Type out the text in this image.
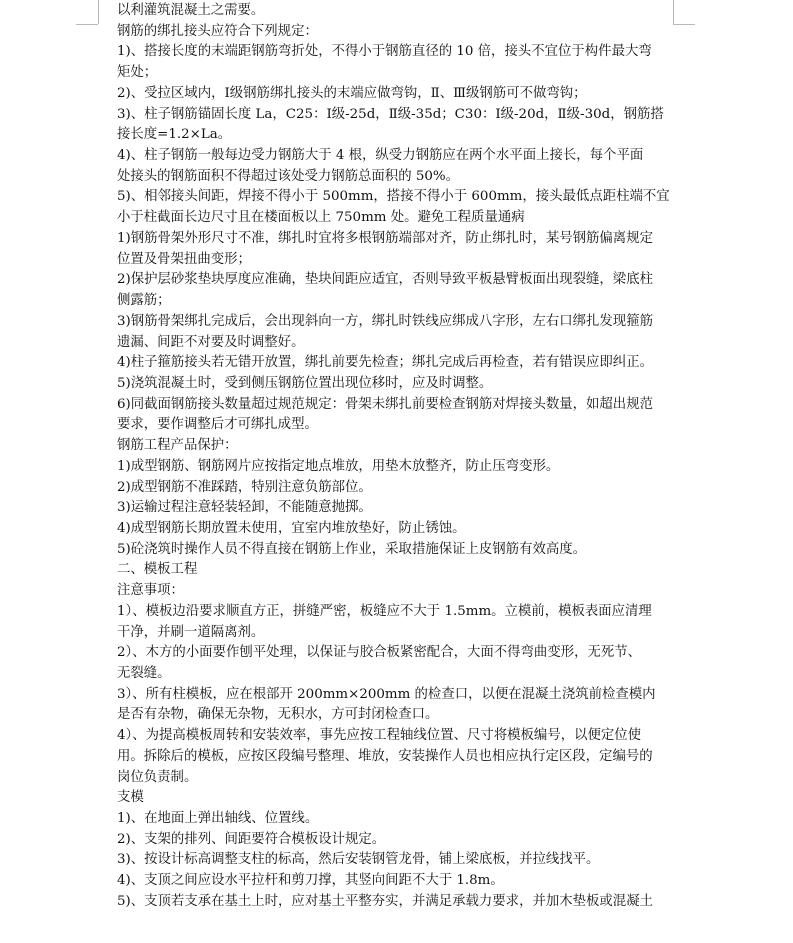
以利灌筑混凝土之需要。
钢筋的绑扎接头应符合下列规定：
1)、搭接长度的末端距钢筋弯折处，不得小于钢筋直径的 10 倍，接头不宜位于构件最大弯
矩处；
2)、受拉区域内，Ⅰ级钢筋绑扎接头的末端应做弯钩，Ⅱ、Ⅲ级钢筋可不做弯钩；
3)、柱子钢筋锚固长度 La，C25：Ⅰ级-25d，Ⅱ级-35d；C30：Ⅰ级-20d，Ⅱ级-30d，钢筋搭
接长度=1.2×La。
4)、柱子钢筋一般每边受力钢筋大于 4 根，纵受力钢筋应在两个水平面上接长，每个平面
处接头的钢筋面积不得超过该处受力钢筋总面积的 50%。
5)、相邻接头间距，焊接不得小于 500mm，搭接不得小于 600mm，接头最低点距柱端不宜
小于柱截面长边尺寸且在楼面板以上 750mm 处。避免工程质量通病
1)钢筋骨架外形尺寸不准，绑扎时宜将多根钢筋端部对齐，防止绑扎时，某号钢筋偏离规定
位置及骨架扭曲变形；
2)保护层砂浆垫块厚度应准确，垫块间距应适宜，否则导致平板悬臂板面出现裂缝，梁底柱
侧露筋；
3)钢筋骨架绑扎完成后，会出现斜向一方，绑扎时铁线应绑成八字形，左右口绑扎发现箍筋
遗漏、间距不对要及时调整好。
4)柱子箍筋接头若无错开放置，绑扎前要先检查；绑扎完成后再检查，若有错误应即纠正。
5)浇筑混凝土时，受到侧压钢筋位置出现位移时，应及时调整。
6)同截面钢筋接头数量超过规范规定：骨架未绑扎前要检查钢筋对焊接头数量，如超出规范
要求，要作调整后才可绑扎成型。
钢筋工程产品保护：
1)成型钢筋、钢筋网片应按指定地点堆放，用垫木放整齐，防止压弯变形。
2)成型钢筋不准踩踏，特别注意负筋部位。
3)运输过程注意轻装轻卸，不能随意抛掷。
4)成型钢筋长期放置未使用，宜室内堆放垫好，防止锈蚀。
5)砼浇筑时操作人员不得直接在钢筋上作业，采取措施保证上皮钢筋有效高度。
二、模板工程
注意事项：
1）、模板边沿要求顺直方正，拼缝严密，板缝应不大于 1.5mm。立模前，模板表面应清理
干净，并刷一道隔离剂。
2）、木方的小面要作刨平处理，以保证与胶合板紧密配合，大面不得弯曲变形，无死节、
无裂缝。
3）、所有柱模板，应在根部开 200mm×200mm 的检查口，以便在混凝土浇筑前检查模内
是否有杂物，确保无杂物，无积水，方可封闭检查口。
4）、为提高模板周转和安装效率，事先应按工程轴线位置、尺寸将模板编号，以便定位使
用。拆除后的模板，应按区段编号整理、堆放，安装操作人员也相应执行定区段，定编号的
岗位负责制。
支模
1)、在地面上弹出轴线、位置线。
2)、支架的排列、间距要符合模板设计规定。
3)、按设计标高调整支柱的标高，然后安装钢管龙骨，铺上梁底板，并拉线找平。
4)、支顶之间应设水平拉杆和剪刀撑，其竖向间距不大于 1.8m。
5)、支顶若支承在基土上时，应对基土平整夯实，并满足承载力要求，并加木垫板或混凝土
